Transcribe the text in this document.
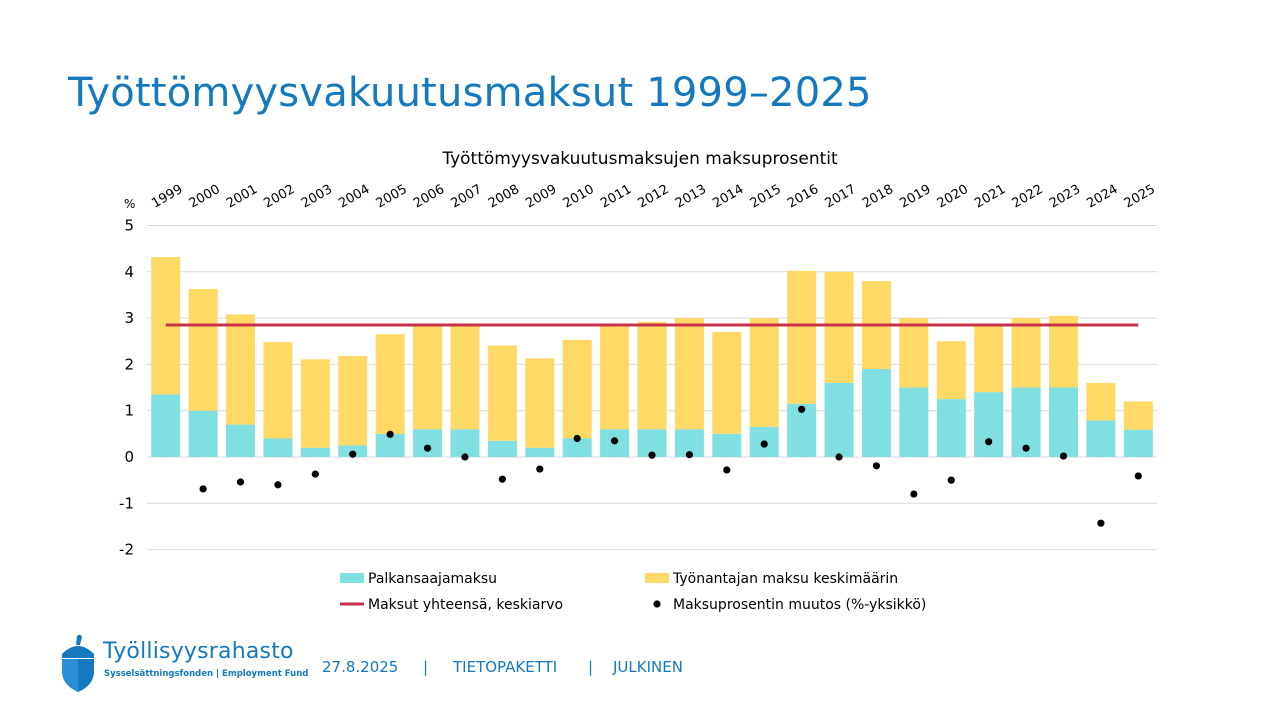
Työttömyysvakuutusmaksut 1999–2025
Työttömyysvakuutusmaksujen maksuprosentit
%
5
4
3
2
1
0
-1
-2
1999 2000 2001 2002 2003 2004 2005 2006 2007 2008 2009 2010 2011 2012 2013 2014 2015 2016 2017 2018 2019 2020 2021 2022 2023 2024 2025
Palkansaajamaksu	Työnantajan maksu keskimäärin
Maksut yhteensä, keskiarvo	Maksuprosentin muutos (%-yksikkö)
Työllisyysrahasto
Sysselsättningsfonden | Employment Fund 27.8.2025 | TIETOPAKETTI | JULKINEN
